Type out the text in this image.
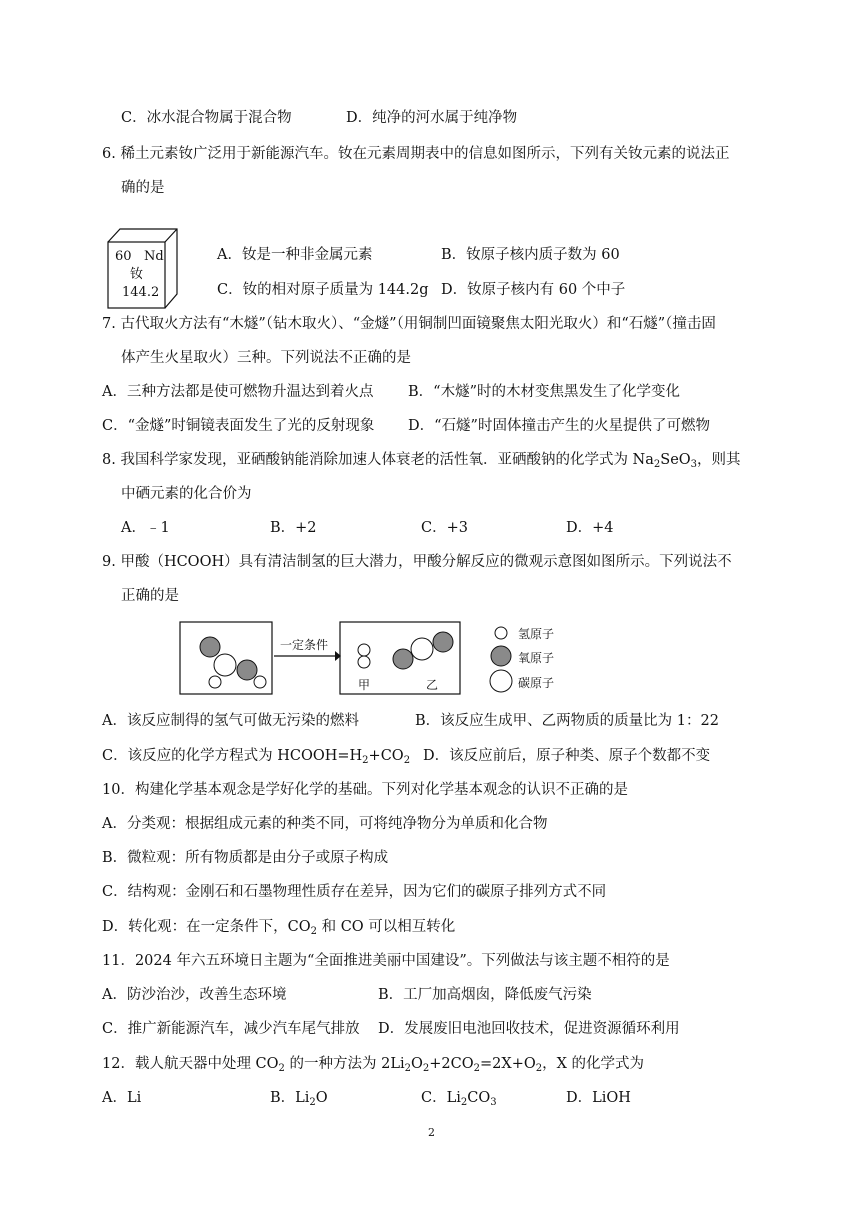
C．冰水混合物属于混合物	D．纯净的河水属于纯净物
6. 稀土元素钕广泛用于新能源汽车。钕在元素周期表中的信息如图所示，下列有关钕元素的说法正
确的是
60 Nd
钕
144.2
A．钕是一种非金属元素	B．钕原子核内质子数为 60
C．钕的相对原子质量为 144.2g D．钕原子核内有 60 个中子
7. 古代取火方法有“木燧”（钻木取火）、“金燧”（用铜制凹面镜聚焦太阳光取火）和“石燧”（撞击固
体产生火星取火）三种。下列说法不正确的是
A．三种方法都是使可燃物升温达到着火点 B．“木燧”时的木材变焦黑发生了化学变化
C．“金燧”时铜镜表面发生了光的反射现象 D．“石燧”时固体撞击产生的火星提供了可燃物
8. 我国科学家发现，亚硒酸钠能消除加速人体衰老的活性氧．亚硒酸钠的化学式为 $Na_2SeO_3$，则其
中硒元素的化合价为
A．﹣1	B．+2	C．+3	D．+4
9. 甲酸（HCOOH）具有清洁制氢的巨大潜力，甲酸分解反应的微观示意图如图所示。下列说法不
正确的是
一定条件
甲	乙
氢原子
氧原子
碳原子
A．该反应制得的氢气可做无污染的燃料	B．该反应生成甲、乙两物质的质量比为 1：22
C．该反应的化学方程式为 $HCOOH=H_2+CO_2$ D．该反应前后，原子种类、原子个数都不变
10．构建化学基本观念是学好化学的基础。下列对化学基本观念的认识不正确的是
A．分类观：根据组成元素的种类不同，可将纯净物分为单质和化合物
B．微粒观：所有物质都是由分子或原子构成
C．结构观：金刚石和石墨物理性质存在差异，因为它们的碳原子排列方式不同
D．转化观：在一定条件下，$CO_2$ 和 CO 可以相互转化
11．2024 年六五环境日主题为“全面推进美丽中国建设”。下列做法与该主题不相符的是
A．防沙治沙，改善生态环境	B．工厂加高烟囱，降低废气污染
C．推广新能源汽车，减少汽车尾气排放 D．发展废旧电池回收技术，促进资源循环利用
12．载人航天器中处理 $CO_2$ 的一种方法为 $2Li_2O_2+2CO_2=2X+O_2$，X 的化学式为
A．Li	B．$Li_2O$	C．$Li_2CO_3$	D．LiOH
2
